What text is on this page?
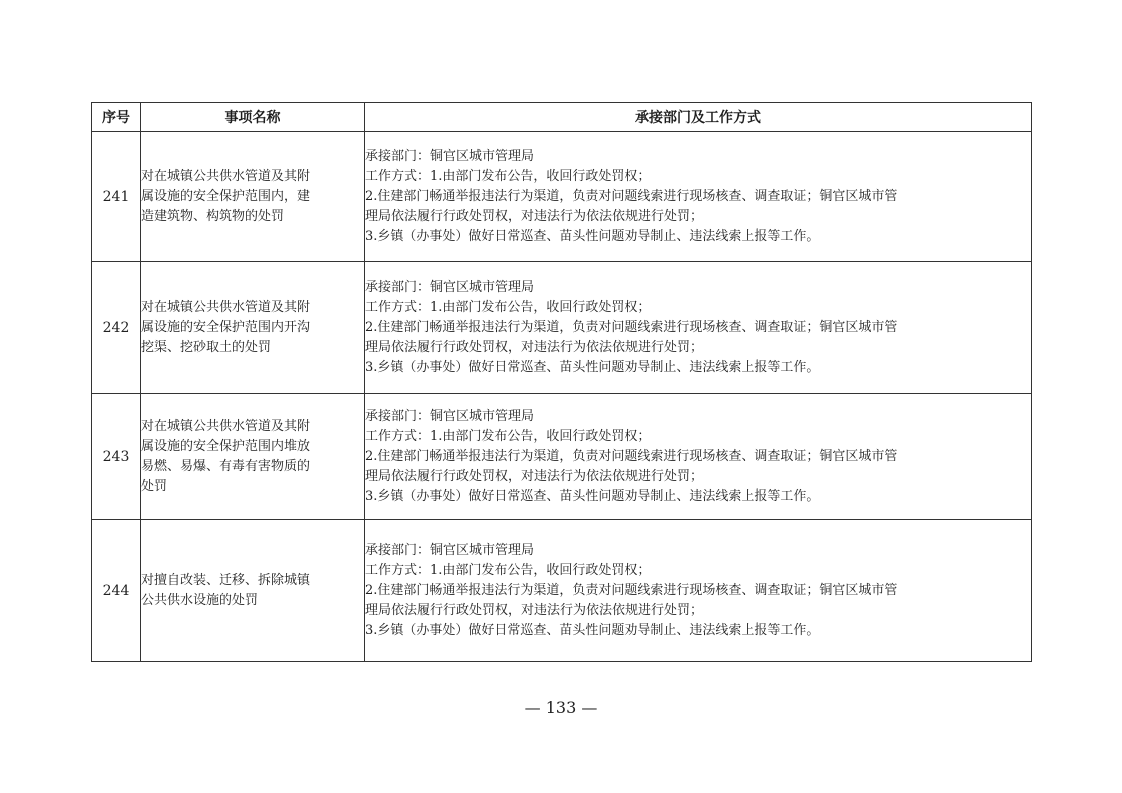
序号	事项名称	承接部门及工作方式
241	对在城镇公共供水管道及其附
属设施的安全保护范围内，建
造建筑物、构筑物的处罚	承接部门：铜官区城市管理局
工作方式：1.由部门发布公告，收回行政处罚权；
2.住建部门畅通举报违法行为渠道，负责对问题线索进行现场核查、调查取证；铜官区城市管
理局依法履行行政处罚权，对违法行为依法依规进行处罚；
3.乡镇（办事处）做好日常巡查、苗头性问题劝导制止、违法线索上报等工作。

242	对在城镇公共供水管道及其附
属设施的安全保护范围内开沟
挖渠、挖砂取土的处罚	承接部门：铜官区城市管理局
工作方式：1.由部门发布公告，收回行政处罚权；
2.住建部门畅通举报违法行为渠道，负责对问题线索进行现场核查、调查取证；铜官区城市管
理局依法履行行政处罚权，对违法行为依法依规进行处罚；
3.乡镇（办事处）做好日常巡查、苗头性问题劝导制止、违法线索上报等工作。

243	对在城镇公共供水管道及其附
属设施的安全保护范围内堆放
易燃、易爆、有毒有害物质的
处罚	承接部门：铜官区城市管理局
工作方式：1.由部门发布公告，收回行政处罚权；
2.住建部门畅通举报违法行为渠道，负责对问题线索进行现场核查、调查取证；铜官区城市管
理局依法履行行政处罚权，对违法行为依法依规进行处罚；
3.乡镇（办事处）做好日常巡查、苗头性问题劝导制止、违法线索上报等工作。

244	对擅自改装、迁移、拆除城镇
公共供水设施的处罚	承接部门：铜官区城市管理局
工作方式：1.由部门发布公告，收回行政处罚权；
2.住建部门畅通举报违法行为渠道，负责对问题线索进行现场核查、调查取证；铜官区城市管
理局依法履行行政处罚权，对违法行为依法依规进行处罚；
3.乡镇（办事处）做好日常巡查、苗头性问题劝导制止、违法线索上报等工作。
— 133 —
